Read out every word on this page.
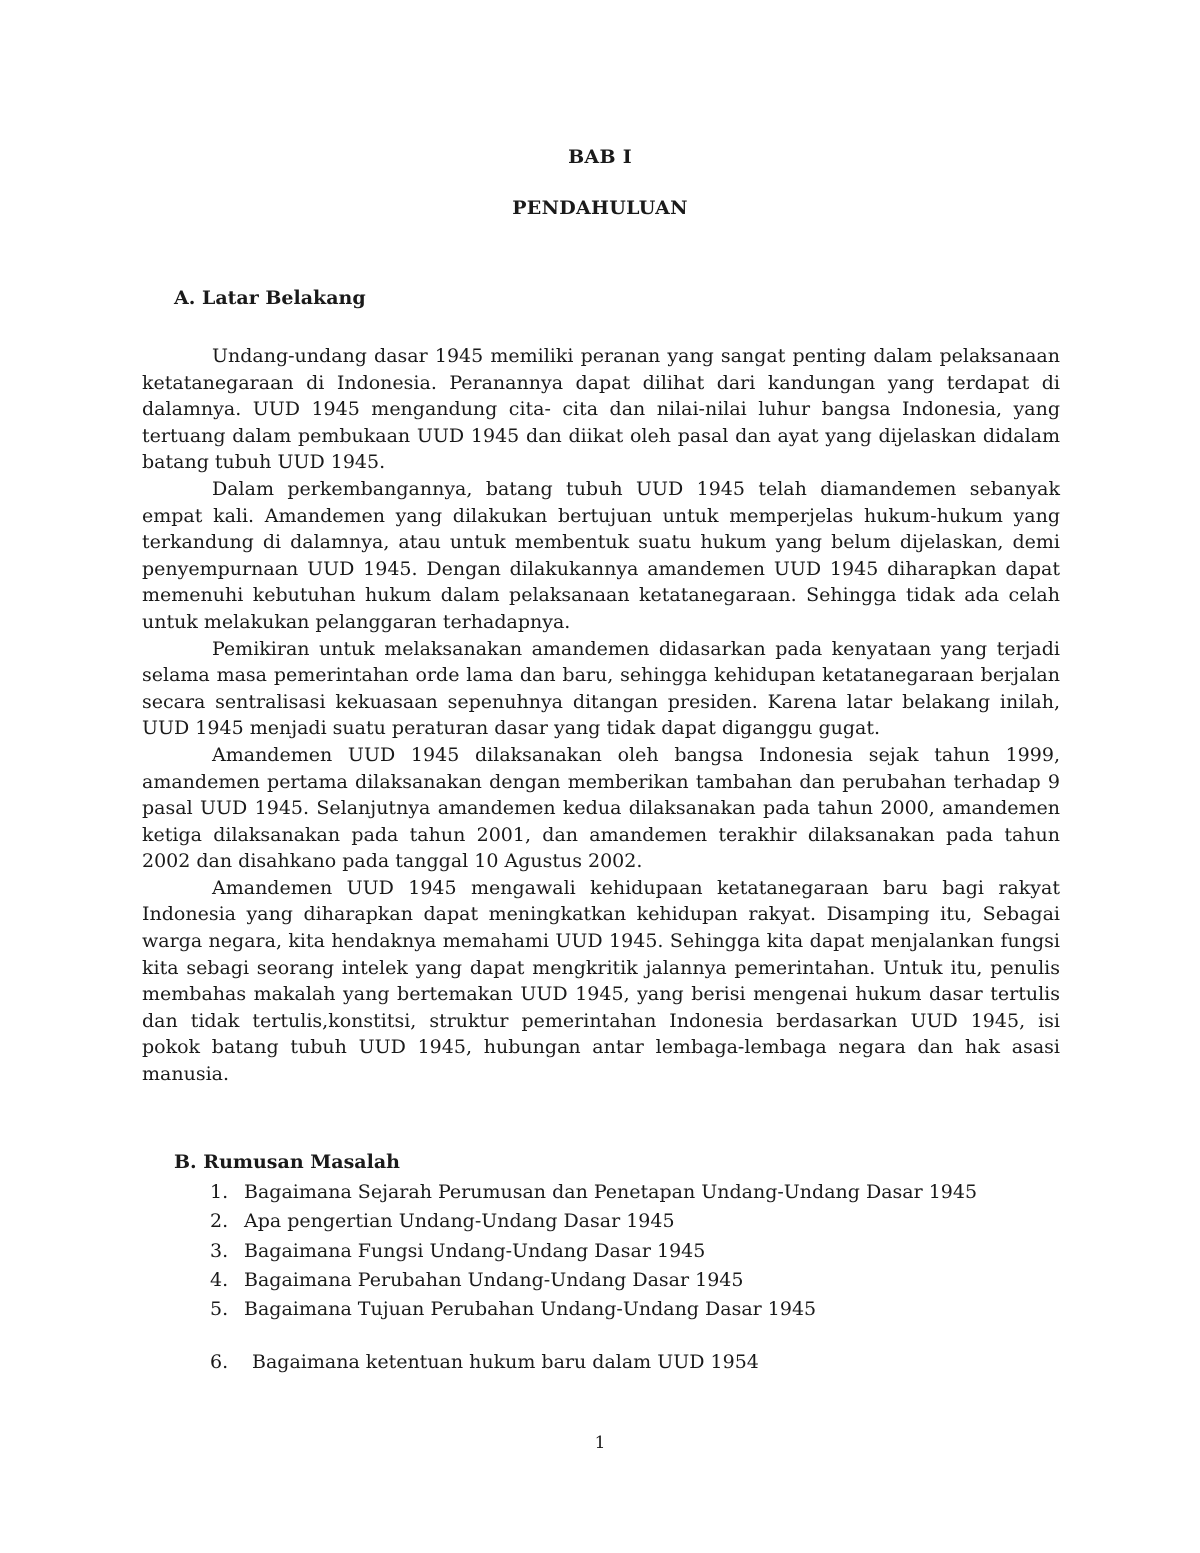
BAB I
PENDAHULUAN
A. Latar Belakang

Undang-undang dasar 1945 memiliki peranan yang sangat penting dalam pelaksanaan ketatanegaraan di Indonesia. Peranannya dapat dilihat dari kandungan yang terdapat di dalamnya. UUD 1945 mengandung cita- cita dan nilai-nilai luhur bangsa Indonesia, yang tertuang dalam pembukaan UUD 1945 dan diikat oleh pasal dan ayat yang dijelaskan didalam batang tubuh UUD 1945.

Dalam perkembangannya, batang tubuh UUD 1945 telah diamandemen sebanyak empat kali. Amandemen yang dilakukan bertujuan untuk memperjelas hukum-hukum yang terkandung di dalamnya, atau untuk membentuk suatu hukum yang belum dijelaskan, demi penyempurnaan UUD 1945. Dengan dilakukannya amandemen UUD 1945 diharapkan dapat memenuhi kebutuhan hukum dalam pelaksanaan ketatanegaraan. Sehingga tidak ada celah untuk melakukan pelanggaran terhadapnya.

Pemikiran untuk melaksanakan amandemen didasarkan pada kenyataan yang terjadi selama masa pemerintahan orde lama dan baru, sehingga kehidupan ketatanegaraan berjalan secara sentralisasi kekuasaan sepenuhnya ditangan presiden. Karena latar belakang inilah, UUD 1945 menjadi suatu peraturan dasar yang tidak dapat diganggu gugat.

Amandemen UUD 1945 dilaksanakan oleh bangsa Indonesia sejak tahun 1999, amandemen pertama dilaksanakan dengan memberikan tambahan dan perubahan terhadap 9 pasal UUD 1945. Selanjutnya amandemen kedua dilaksanakan pada tahun 2000, amandemen ketiga dilaksanakan pada tahun 2001, dan amandemen terakhir dilaksanakan pada tahun 2002 dan disahkano pada tanggal 10 Agustus 2002.

Amandemen UUD 1945 mengawali kehidupaan ketatanegaraan baru bagi rakyat Indonesia yang diharapkan dapat meningkatkan kehidupan rakyat. Disamping itu, Sebagai warga negara, kita hendaknya memahami UUD 1945. Sehingga kita dapat menjalankan fungsi kita sebagi seorang intelek yang dapat mengkritik jalannya pemerintahan. Untuk itu, penulis membahas makalah yang bertemakan UUD 1945, yang berisi mengenai hukum dasar tertulis dan tidak tertulis,konstitsi, struktur pemerintahan Indonesia berdasarkan UUD 1945, isi pokok batang tubuh UUD 1945, hubungan antar lembaga-lembaga negara dan hak asasi manusia.

B. Rumusan Masalah
1. Bagaimana Sejarah Perumusan dan Penetapan Undang-Undang Dasar 1945
2. Apa pengertian Undang-Undang Dasar 1945
3. Bagaimana Fungsi Undang-Undang Dasar 1945
4. Bagaimana Perubahan Undang-Undang Dasar 1945
5. Bagaimana Tujuan Perubahan Undang-Undang Dasar 1945
6. Bagaimana ketentuan hukum baru dalam UUD 1954
1
